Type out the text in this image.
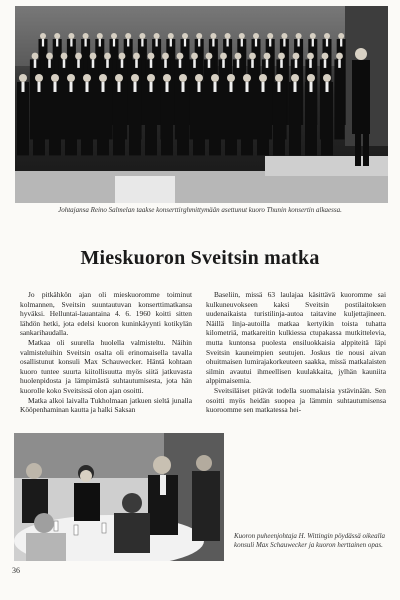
Johtajansa Reino Salmelan taakse konserttirghmittymään asettunut kuoro Thunin konsertin alkaessa.
Mieskuoron Sveitsin matka

Jo pitkähkön ajan oli mieskuoromme toiminut kolmannen, Sveitsin suuntautuvan konserttimatkansa hyväksi. Helluntai-lauantaina 4. 6. 1960 koitti sitten lähdön hetki, jota edelsi kuoron kuninkäyynti kotikylän sankarihaudalla.

Matkaa oli suurella huolella valmisteltu. Näihin valmisteluihin Sveitsin osalta oli erinomaisella tavalla osallistunut konsuli Max Schauwecker. Häntä kohtaan kuoro tuntee suurta kiitollisuutta myös siitä jatkuvasta huolenpidosta ja lämpimästä suhtautumisesta, jota hän kuorolle koko Sveitsissä olon ajan osoitti.

Matka alkoi laivalla Tukholmaan jatkuen sieltä junalla Kööpenhaminan kautta ja halki Saksan

Baseliin, missä 63 laulajaa käsittävä kuoromme sai kulkuneuvokseen kaksi Sveitsin postilaitoksen uudenaikaista turistilinja-autoa taitavine kuljettajineen. Näillä linja-autoilla matkaa kertyikin toista tuhatta kilometriä, matkareitin kulkiessa ctupakassa mutkittelevia, mutta kuntonsa puolesta ensiluokkaisia alppiteitä läpi Sveitsin kauneimpien seutujen. Joskus tie nousi aivan ohuitmaisen lumirajakorkeuteen saakka, missä matkalaisten silmin avautui ihmeellisen kuulakkaita, jylhän kauniita alppimaisemia.

Sveitsiläiset pitävät todella suomalaisia ystävinään. Sen osoitti myös heidän suopea ja lämmin suhtautumisensa kuoroomme sen matkatessa hei-

Kuoron puheenjohtaja H. Wittingin pöydässä oikealla konsuli Max Schauwecker ja kuoron herttainen opas.
36
